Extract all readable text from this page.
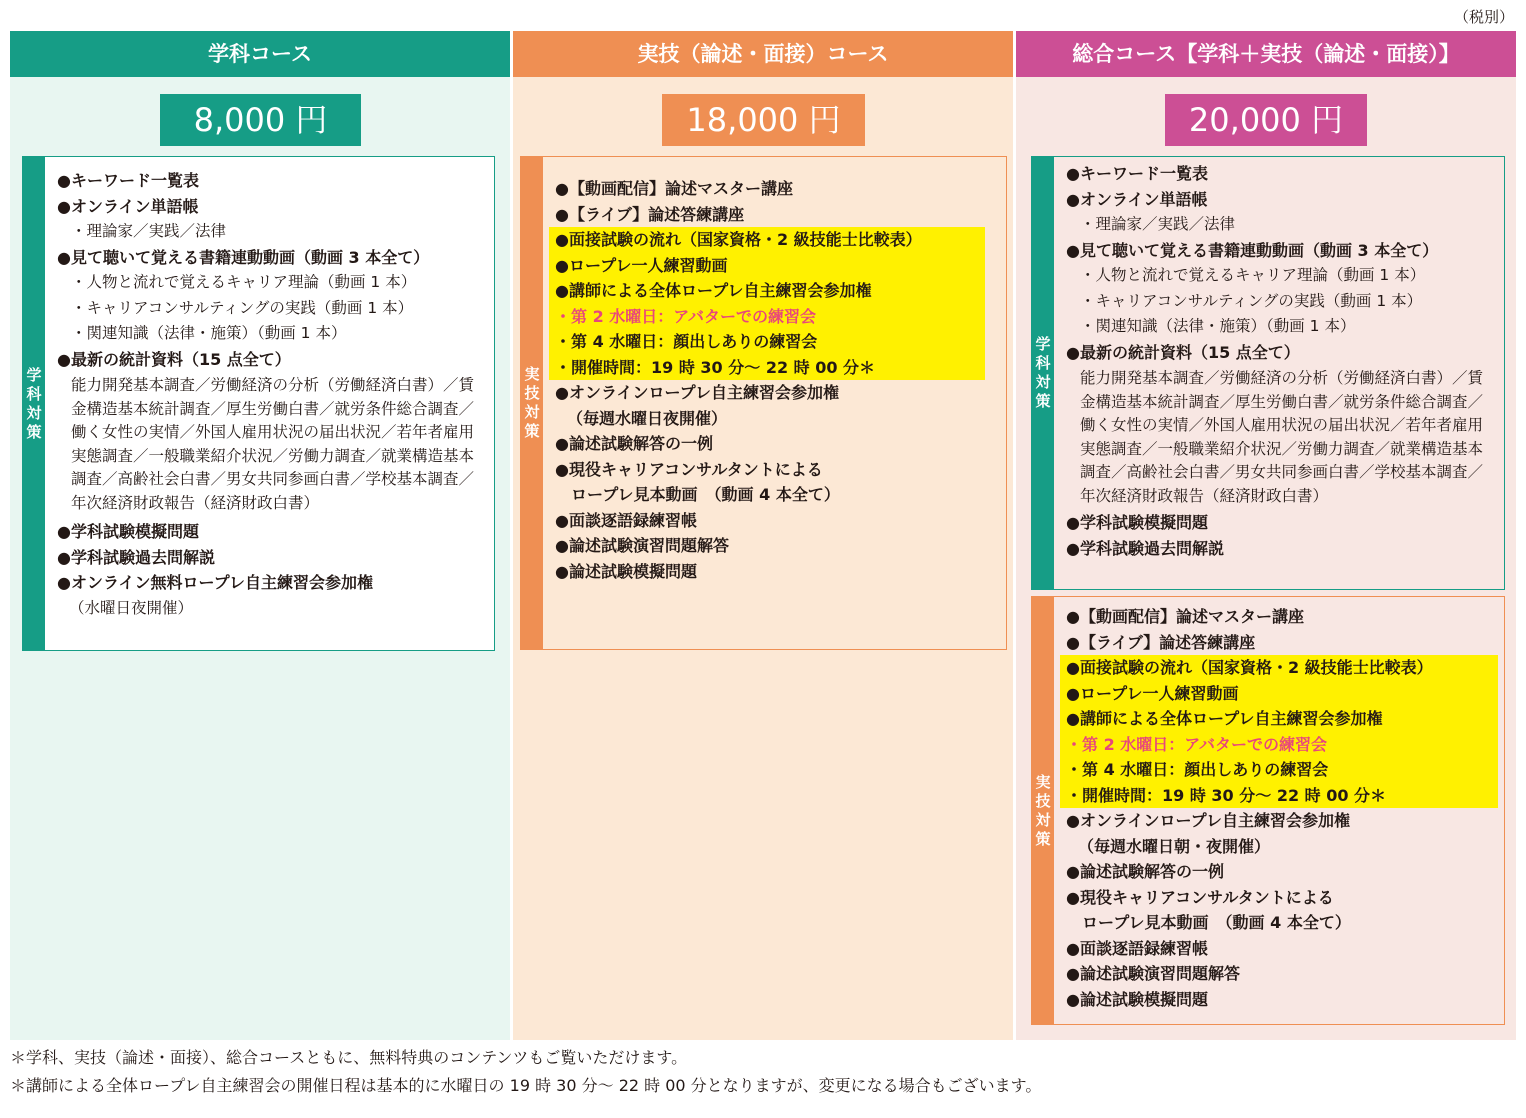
（税別）
学科コース
8,000 円
学科対策
●キーワード一覧表
●オンライン単語帳
・理論家／実践／法律
●見て聴いて覚える書籍連動動画（動画 3 本全て）
・人物と流れで覚えるキャリア理論（動画 1 本）
・キャリアコンサルティングの実践（動画 1 本）
・関連知識（法律・施策）（動画 1 本）
●最新の統計資料（15 点全て）
能力開発基本調査／労働経済の分析（労働経済白書）／賃金構造基本統計調査／厚生労働白書／就労条件総合調査／働く女性の実情／外国人雇用状況の届出状況／若年者雇用実態調査／一般職業紹介状況／労働力調査／就業構造基本調査／高齢社会白書／男女共同参画白書／学校基本調査／年次経済財政報告（経済財政白書）
●学科試験模擬問題
●学科試験過去問解説
●オンライン無料ロープレ自主練習会参加権
（水曜日夜開催）
実技（論述・面接）コース
18,000 円
実技対策
●【動画配信】論述マスター講座
●【ライブ】論述答練講座
●面接試験の流れ（国家資格・2 級技能士比較表）
●ロープレ一人練習動画
●講師による全体ロープレ自主練習会参加権
・第 2 水曜日：アバターでの練習会
・第 4 水曜日：顔出しありの練習会
・開催時間：19 時 30 分～ 22 時 00 分＊
●オンラインロープレ自主練習会参加権
（毎週水曜日夜開催）
●論述試験解答の一例
●現役キャリアコンサルタントによる
ロープレ見本動画　（動画 4 本全て）
●面談逐語録練習帳
●論述試験演習問題解答
●論述試験模擬問題
総合コース【学科＋実技（論述・面接）】
20,000 円
学科対策
●キーワード一覧表
●オンライン単語帳
・理論家／実践／法律
●見て聴いて覚える書籍連動動画（動画 3 本全て）
・人物と流れで覚えるキャリア理論（動画 1 本）
・キャリアコンサルティングの実践（動画 1 本）
・関連知識（法律・施策）（動画 1 本）
●最新の統計資料（15 点全て）
能力開発基本調査／労働経済の分析（労働経済白書）／賃金構造基本統計調査／厚生労働白書／就労条件総合調査／働く女性の実情／外国人雇用状況の届出状況／若年者雇用実態調査／一般職業紹介状況／労働力調査／就業構造基本調査／高齢社会白書／男女共同参画白書／学校基本調査／年次経済財政報告（経済財政白書）
●学科試験模擬問題
●学科試験過去問解説
実技対策
●【動画配信】論述マスター講座
●【ライブ】論述答練講座
●面接試験の流れ（国家資格・2 級技能士比較表）
●ロープレ一人練習動画
●講師による全体ロープレ自主練習会参加権
・第 2 水曜日：アバターでの練習会
・第 4 水曜日：顔出しありの練習会
・開催時間：19 時 30 分～ 22 時 00 分＊
●オンラインロープレ自主練習会参加権
（毎週水曜日朝・夜開催）
●論述試験解答の一例
●現役キャリアコンサルタントによる
ロープレ見本動画　（動画 4 本全て）
●面談逐語録練習帳
●論述試験演習問題解答
●論述試験模擬問題
＊学科、実技（論述・面接）、総合コースともに、無料特典のコンテンツもご覧いただけます。
＊講師による全体ロープレ自主練習会の開催日程は基本的に水曜日の 19 時 30 分～ 22 時 00 分となりますが、変更になる場合もございます。
